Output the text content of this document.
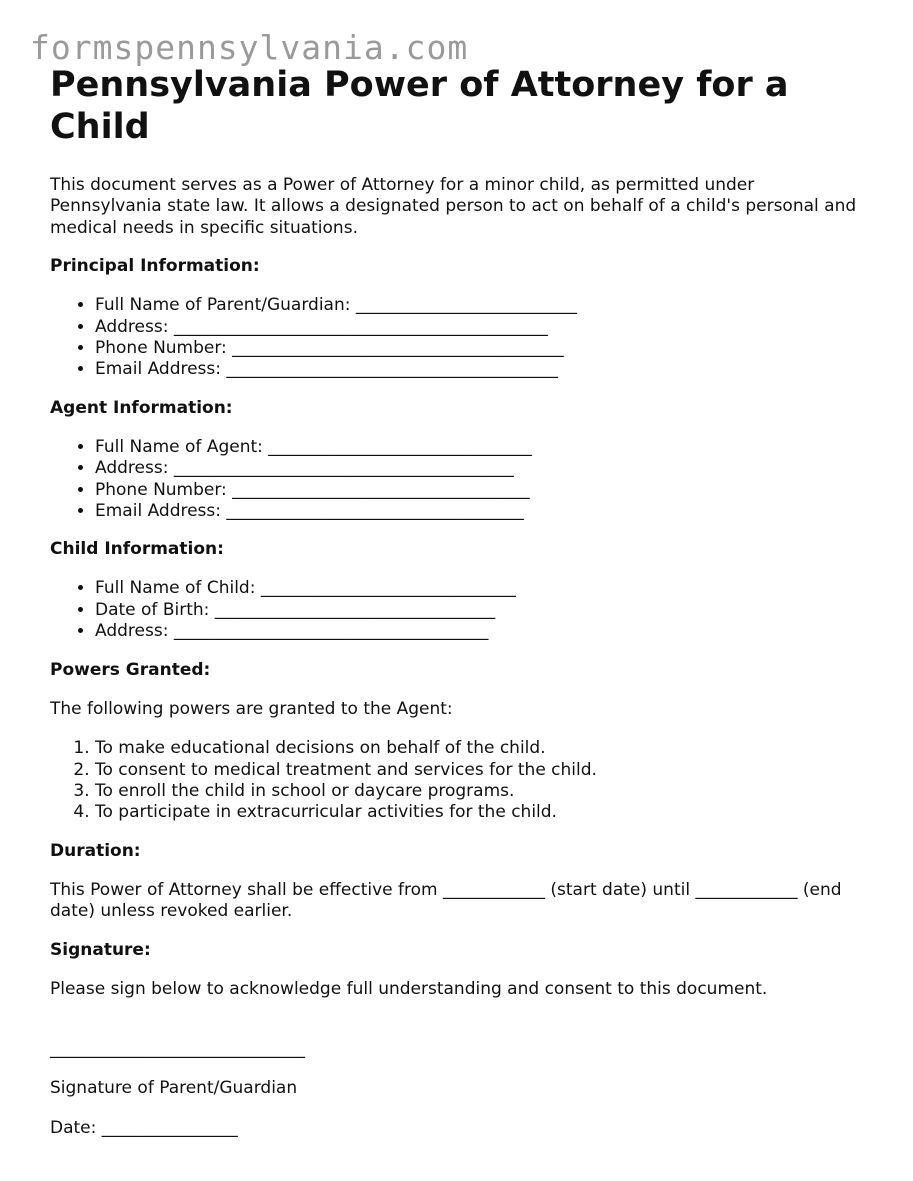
formspennsylvania.com
Pennsylvania Power of Attorney for a Child

This document serves as a Power of Attorney for a minor child, as permitted under Pennsylvania state law. It allows a designated person to act on behalf of a child's personal and medical needs in specific situations.

Principal Information:
• Full Name of Parent/Guardian: __________________________
• Address: ____________________________________________
• Phone Number: _______________________________________
• Email Address: _______________________________________
Agent Information:
• Full Name of Agent: _______________________________
• Address: ________________________________________
• Phone Number: ___________________________________
• Email Address: ___________________________________
Child Information:
• Full Name of Child: ______________________________
• Date of Birth: _________________________________
• Address: _____________________________________
Powers Granted:

The following powers are granted to the Agent:

1. To make educational decisions on behalf of the child.
2. To consent to medical treatment and services for the child.
3. To enroll the child in school or daycare programs.
4. To participate in extracurricular activities for the child.
Duration:

This Power of Attorney shall be effective from ____________ (start date) until ____________ (end date) unless revoked earlier.

Signature:

Please sign below to acknowledge full understanding and consent to this document.

______________________________

Signature of Parent/Guardian

Date: ________________
